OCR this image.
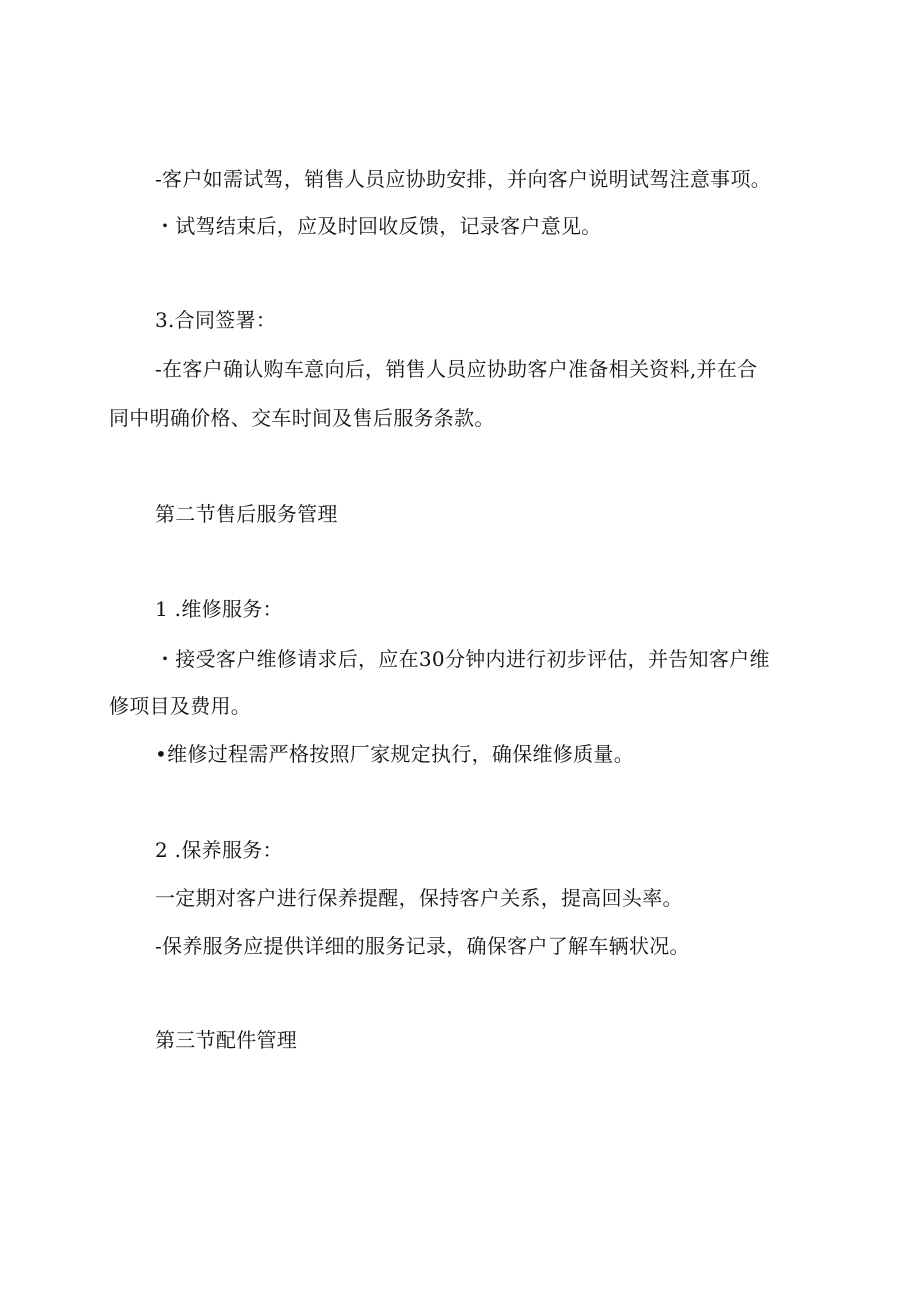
-客户如需试驾，销售人员应协助安排，并向客户说明试驾注意事项。
・试驾结束后，应及时回收反馈，记录客户意见。
3.合同签署：
-在客户确认购车意向后，销售人员应协助客户准备相关资料,并在合
同中明确价格、交车时间及售后服务条款。
第二节售后服务管理
1 .维修服务：
・接受客户维修请求后，应在30分钟内进行初步评估，并告知客户维
修项目及费用。
•维修过程需严格按照厂家规定执行，确保维修质量。
2 .保养服务：
一定期对客户进行保养提醒，保持客户关系，提高回头率。
-保养服务应提供详细的服务记录，确保客户了解车辆状况。
第三节配件管理
